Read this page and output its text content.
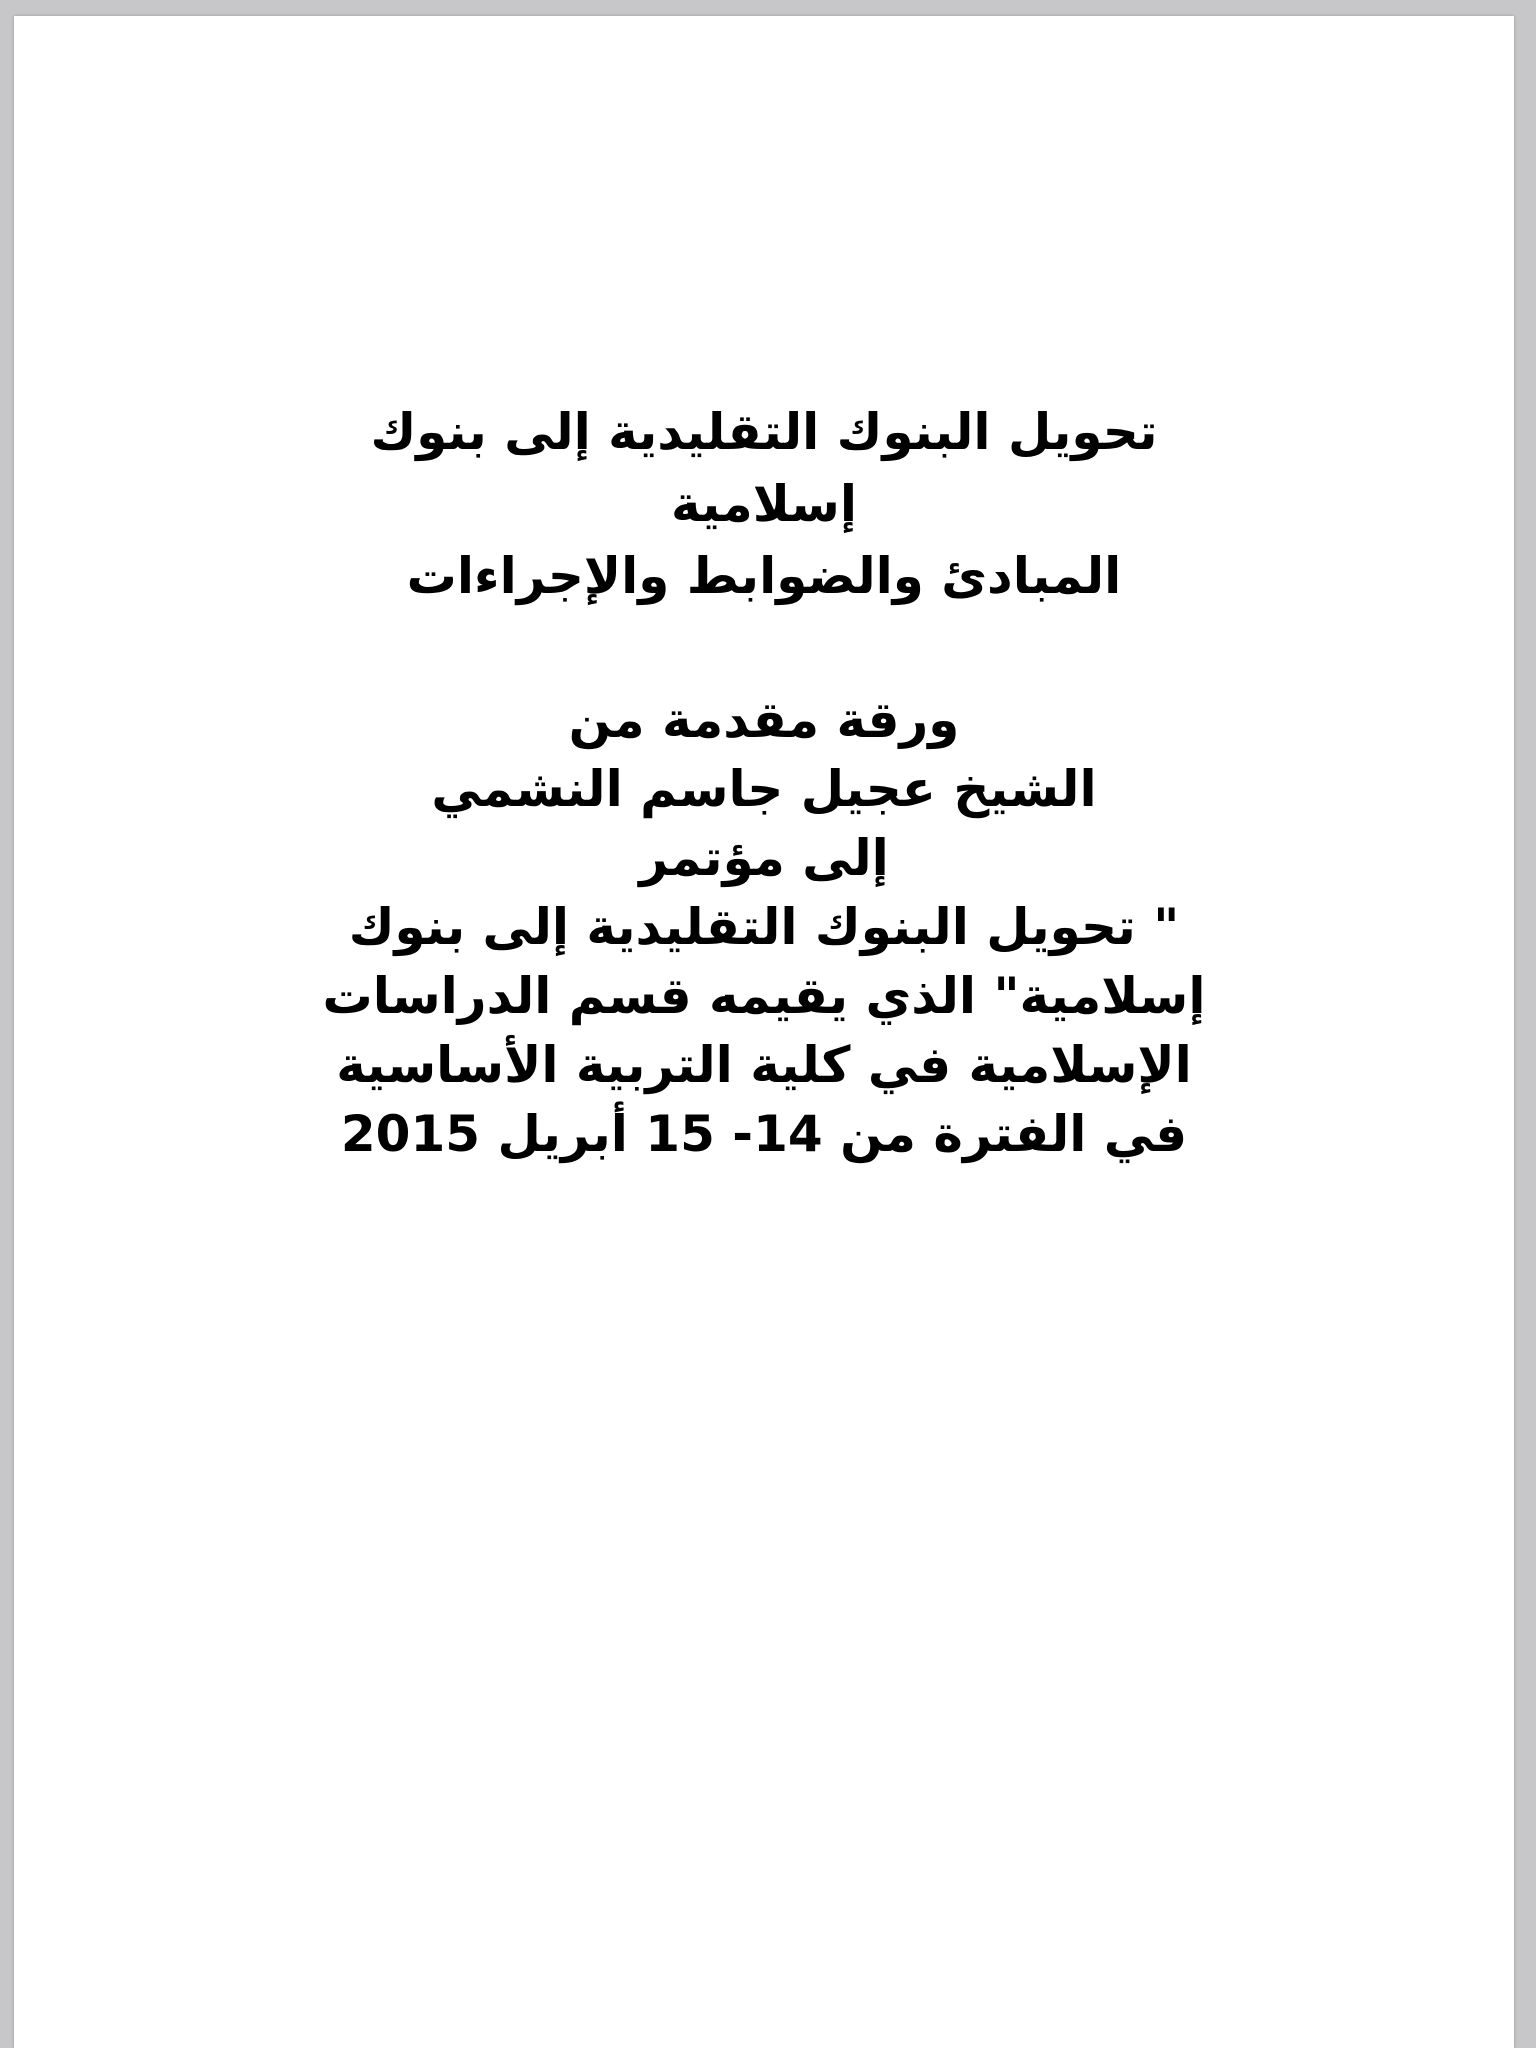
تحويل البنوك التقليدية إلى بنوك
إسلامية
المبادئ والضوابط والإجراءات
ورقة مقدمة من
الشيخ عجيل جاسم النشمي
إلى مؤتمر
" تحويل البنوك التقليدية إلى بنوك
إسلامية" الذي يقيمه قسم الدراسات
الإسلامية في كلية التربية الأساسية
في الفترة من 14- 15 أبريل 2015
